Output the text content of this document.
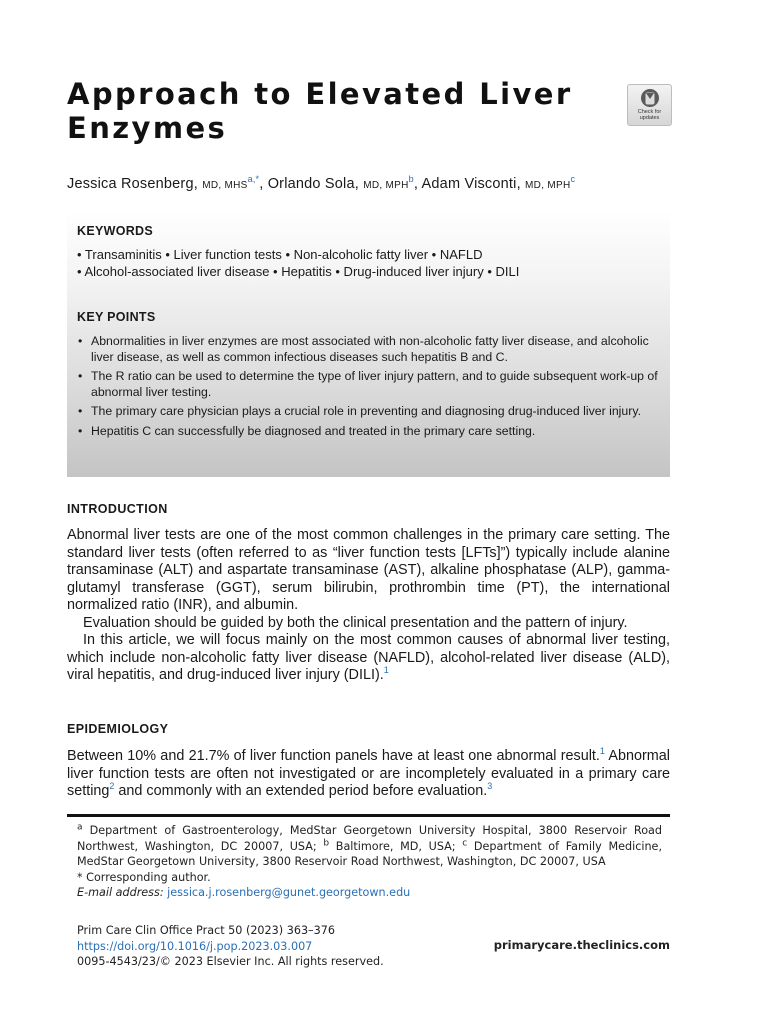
Approach to Elevated Liver Enzymes	Check for updates
Jessica Rosenberg, MD, MHS$^{a,*}$, Orlando Sola, MD, MPH$^b$, Adam Visconti, MD, MPH$^c$
KEYWORDS
• Transaminitis • Liver function tests • Non-alcoholic fatty liver • NAFLD
• Alcohol-associated liver disease • Hepatitis • Drug-induced liver injury • DILI
KEY POINTS
• Abnormalities in liver enzymes are most associated with non-alcoholic fatty liver disease, and alcoholic liver disease, as well as common infectious diseases such hepatitis B and C.
• The R ratio can be used to determine the type of liver injury pattern, and to guide subsequent work-up of abnormal liver testing.
• The primary care physician plays a crucial role in preventing and diagnosing drug-induced liver injury.
• Hepatitis C can successfully be diagnosed and treated in the primary care setting.
INTRODUCTION

Abnormal liver tests are one of the most common challenges in the primary care setting. The standard liver tests (often referred to as “liver function tests [LFTs]”) typically include alanine transaminase (ALT) and aspartate transaminase (AST), alkaline phosphatase (ALP), gamma-glutamyl transferase (GGT), serum bilirubin, prothrombin time (PT), the international normalized ratio (INR), and albumin.

Evaluation should be guided by both the clinical presentation and the pattern of injury.

In this article, we will focus mainly on the most common causes of abnormal liver testing, which include non-alcoholic fatty liver disease (NAFLD), alcohol-related liver disease (ALD), viral hepatitis, and drug-induced liver injury (DILI).$^1$

EPIDEMIOLOGY

Between 10% and 21.7% of liver function panels have at least one abnormal result.$^1$ Abnormal liver function tests are often not investigated or are incompletely evaluated in a primary care setting$^2$ and commonly with an extended period before evaluation.$^3$

$^a$ Department of Gastroenterology, MedStar Georgetown University Hospital, 3800 Reservoir Road Northwest, Washington, DC 20007, USA; $^b$ Baltimore, MD, USA; $^c$ Department of Family Medicine, MedStar Georgetown University, 3800 Reservoir Road Northwest, Washington, DC 20007, USA

* Corresponding author.

E-mail address: jessica.j.rosenberg@gunet.georgetown.edu

Prim Care Clin Office Pract 50 (2023) 363–376
https://doi.org/10.1016/j.pop.2023.03.007
0095-4543/23/© 2023 Elsevier Inc. All rights reserved.
primarycare.theclinics.com
